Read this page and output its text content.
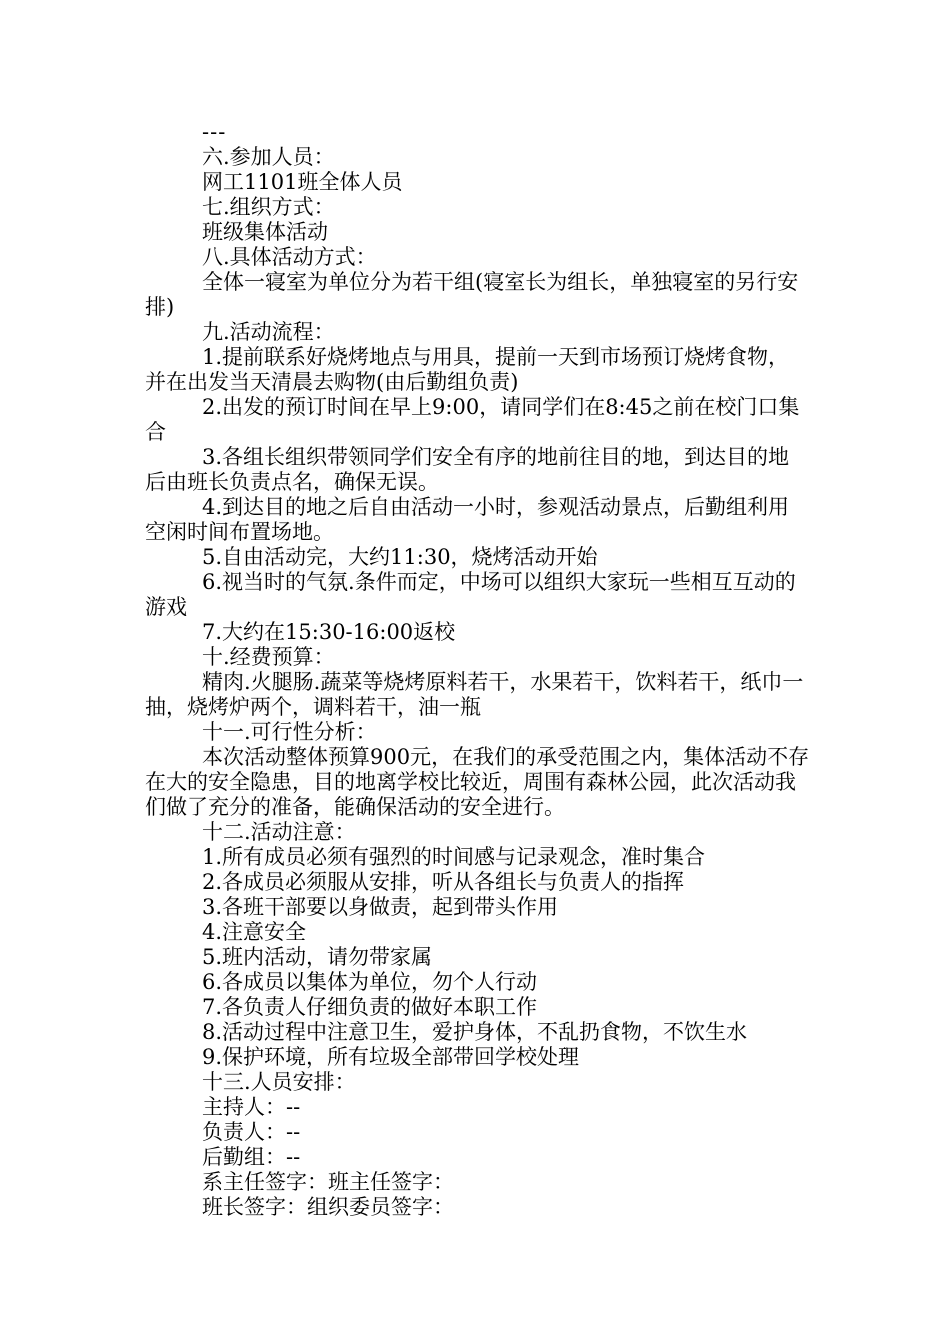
---

六.参加人员：

网工1101班全体人员

七.组织方式：

班级集体活动

八.具体活动方式：

全体一寝室为单位分为若干组(寝室长为组长，单独寝室的另行安排)

九.活动流程：

1.提前联系好烧烤地点与用具，提前一天到市场预订烧烤食物，并在出发当天清晨去购物(由后勤组负责)

2.出发的预订时间在早上9:00，请同学们在8:45之前在校门口集合

3.各组长组织带领同学们安全有序的地前往目的地，到达目的地后由班长负责点名，确保无误。

4.到达目的地之后自由活动一小时，参观活动景点，后勤组利用空闲时间布置场地。

5.自由活动完，大约11:30，烧烤活动开始

6.视当时的气氛.条件而定，中场可以组织大家玩一些相互互动的游戏

7.大约在15:30-16:00返校

十.经费预算：

精肉.火腿肠.蔬菜等烧烤原料若干，水果若干，饮料若干，纸巾一抽，烧烤炉两个，调料若干，油一瓶

十一.可行性分析：

本次活动整体预算900元，在我们的承受范围之内，集体活动不存在大的安全隐患，目的地离学校比较近，周围有森林公园，此次活动我们做了充分的准备，能确保活动的安全进行。

十二.活动注意：

1.所有成员必须有强烈的时间感与记录观念，准时集合

2.各成员必须服从安排，听从各组长与负责人的指挥

3.各班干部要以身做责，起到带头作用

4.注意安全

5.班内活动，请勿带家属

6.各成员以集体为单位，勿个人行动

7.各负责人仔细负责的做好本职工作

8.活动过程中注意卫生，爱护身体，不乱扔食物，不饮生水

9.保护环境，所有垃圾全部带回学校处理

十三.人员安排：

主持人：--

负责人：--

后勤组：--

系主任签字：班主任签字：

班长签字：组织委员签字：
